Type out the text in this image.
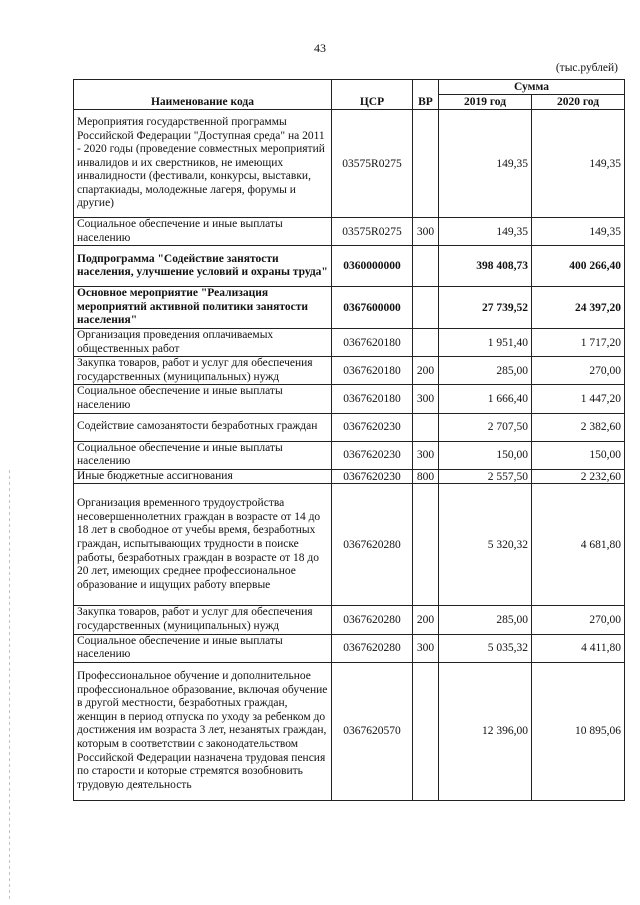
43
(тыс.рублей)
Наименование кода	ЦСР	ВР	Сумма	
			2019 год	2020 год
Мероприятия государственной программы Российской Федерации "Доступная среда" на 2011 - 2020 годы (проведение совместных мероприятий инвалидов и их сверстников, не имеющих инвалидности (фестивали, конкурсы, выставки, спартакиады, молодежные лагеря, форумы и другие)	03575R0275		149,35	149,35
Социальное обеспечение и иные выплаты населению	03575R0275	300	149,35	149,35
Подпрограмма "Содействие занятости населения, улучшение условий и охраны труда"	0360000000		398 408,73	400 266,40
Основное мероприятие "Реализация мероприятий активной политики занятости населения"	0367600000		27 739,52	24 397,20
Организация проведения оплачиваемых общественных работ	0367620180		1 951,40	1 717,20
Закупка товаров, работ и услуг для обеспечения государственных (муниципальных) нужд	0367620180	200	285,00	270,00
Социальное обеспечение и иные выплаты населению	0367620180	300	1 666,40	1 447,20
Содействие самозанятости безработных граждан	0367620230		2 707,50	2 382,60
Социальное обеспечение и иные выплаты населению	0367620230	300	150,00	150,00
Иные бюджетные ассигнования	0367620230	800	2 557,50	2 232,60
Организация временного трудоустройства несовершеннолетних граждан в возрасте от 14 до 18 лет в свободное от учебы время, безработных граждан, испытывающих трудности в поиске работы, безработных граждан в возрасте от 18 до 20 лет, имеющих среднее профессиональное образование и ищущих работу впервые	0367620280		5 320,32	4 681,80
Закупка товаров, работ и услуг для обеспечения государственных (муниципальных) нужд	0367620280	200	285,00	270,00
Социальное обеспечение и иные выплаты населению	0367620280	300	5 035,32	4 411,80
Профессиональное обучение и дополнительное профессиональное образование, включая обучение в другой местности, безработных граждан, женщин в период отпуска по уходу за ребенком до достижения им возраста 3 лет, незанятых граждан, которым в соответствии с законодательством Российской Федерации назначена трудовая пенсия по старости и которые стремятся возобновить трудовую деятельность	0367620570		12 396,00	10 895,06
